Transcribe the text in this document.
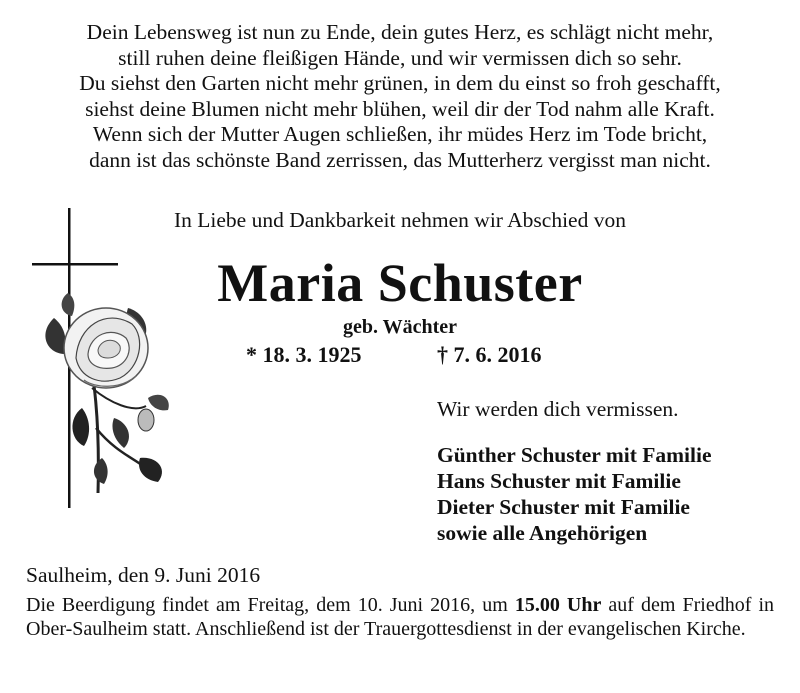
Dein Lebensweg ist nun zu Ende, dein gutes Herz, es schlägt nicht mehr,
still ruhen deine fleißigen Hände, und wir vermissen dich so sehr.
Du siehst den Garten nicht mehr grünen, in dem du einst so froh geschafft,
siehst deine Blumen nicht mehr blühen, weil dir der Tod nahm alle Kraft.
Wenn sich der Mutter Augen schließen, ihr müdes Herz im Tode bricht,
dann ist das schönste Band zerrissen, das Mutterherz vergisst man nicht.
In Liebe und Dankbarkeit nehmen wir Abschied von
Maria Schuster
geb. Wächter
* 18. 3. 1925	† 7. 6. 2016
Wir werden dich vermissen.
Günther Schuster mit Familie
Hans Schuster mit Familie
Dieter Schuster mit Familie
sowie alle Angehörigen
Saulheim, den 9. Juni 2016
Die Beerdigung findet am Freitag, dem 10. Juni 2016, um 15.00 Uhr auf dem Friedhof in Ober-Saulheim statt. Anschließend ist der Trauergottesdienst in der evangelischen Kirche.
